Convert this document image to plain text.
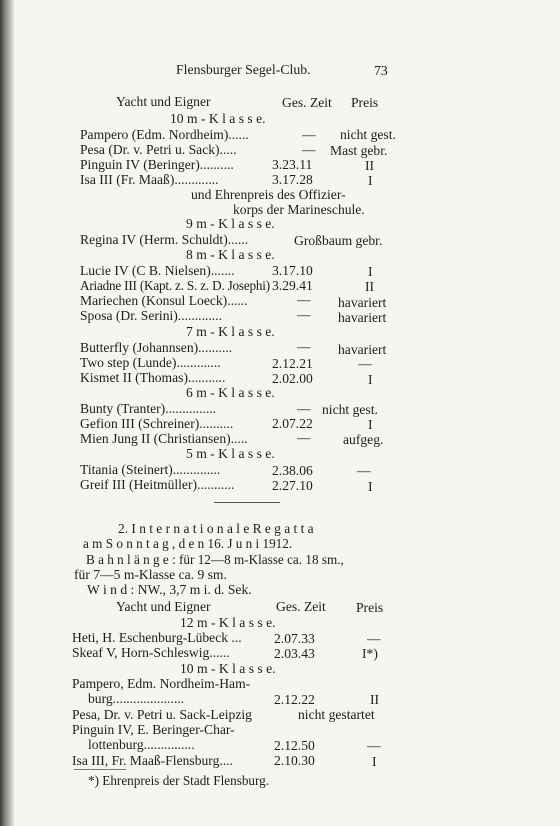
Flensburger Segel-Club.	73
Yacht und Eigner	Ges. Zeit Preis
10 m - K l a s s e.
Pampero (Edm. Nordheim)......	— nicht gest.
Pesa (Dr. v. Petri u. Sack).....	— Mast gebr.
Pinguin IV (Beringer)..........	3.23.11	II
Isa III (Fr. Maaß).............	3.17.28	I
und Ehrenpreis des Offizier-
korps der Marineschule.
9 m - K l a s s e.
Regina IV (Herm. Schuldt)......	Großbaum gebr.
8 m - K l a s s e.
Lucie IV (C B. Nielsen).......	3.17.10	I
Ariadne III (Kapt. z. S. z. D. Josephi) 3.29.41	II
Mariechen (Konsul Loeck)......	— havariert
Sposa (Dr. Serini).............	— havariert
7 m - K l a s s e.
Butterfly (Johannsen)..........	— havariert
Two step (Lunde).............	2.12.21	—
Kismet II (Thomas)...........	2.02.00	I
6 m - K l a s s e.
Bunty (Tranter)...............	— nicht gest.
Gefion III (Schreiner)..........	2.07.22	I
Mien Jung II (Christiansen).....	— aufgeg.
5 m - K l a s s e.
Titania (Steinert)..............	2.38.06	—
Greif III (Heitmüller)...........	2.27.10	I
2. I n t e r n a t i o n a l e R e g a t t a
a m S o n n t a g , d e n 16. J u n i 1912.
B a h n l ä n g e : für 12—8 m-Klasse ca. 18 sm.,
für 7—5 m-Klasse ca. 9 sm.
W i n d : NW., 3,7 m i. d. Sek.
Yacht und Eigner	Ges. Zeit Preis
12 m - K l a s s e.
Heti, H. Eschenburg-Lübeck ... 2.07.33	—
Skeaf V, Horn-Schleswig......	2.03.43	I*)
10 m - K l a s s e.
Pampero, Edm. Nordheim-Ham-
burg.....................	2.12.22	II
Pesa, Dr. v. Petri u. Sack-Leipzig	nicht gestartet
Pinguin IV, E. Beringer-Char-
lottenburg...............	2.12.50	—
Isa III, Fr. Maaß-Flensburg....	2.10.30	I
*) Ehrenpreis der Stadt Flensburg.
